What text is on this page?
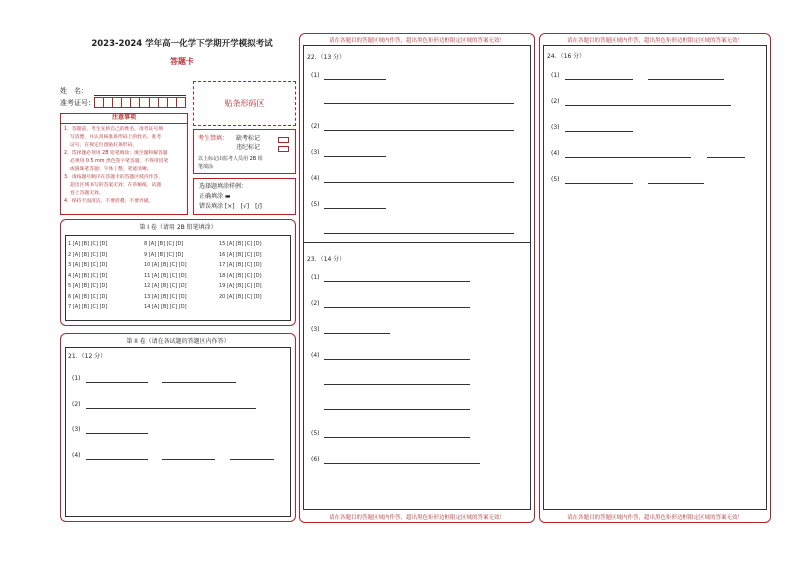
2023-2024 学年高一化学下学期开学模拟考试
答题卡
姓　名：
准考证号：	贴条形码区
注意事项
1．答题前，考生先将自己的姓名，准考证号填
写清楚，并认真核准条形码上的姓名、准考
证号，在规定位置贴好条形码。
2．选择题必须用 2B 铅笔填涂；填空题和解答题
必须用 0.5 mm 黑色签字笔答题，不得用铅笔
或圆珠笔答题；字体工整、笔迹清晰。
3．请按题号顺序在答题卡的答题区域内作答，
超出区域书写的答案无效；在草稿纸、试题
卷上答题无效。
4．保持卡面清洁，不要折叠、不要弄破。
考生禁填： 缺考标记
违纪标记
以上标记由监考人员用 2B 铅笔填涂
选择题填涂样例：
正确填涂 ▬
错误填涂 [×]　[√]　[/]
第 I 卷（请用 2B 铅笔填涂）
1 [A] [B] [C] [D]
2 [A] [B] [C] [D]
3 [A] [B] [C] [D]
4 [A] [B] [C] [D]
5 [A] [B] [C] [D]
6 [A] [B] [C] [D]
7 [A] [B] [C] [D]
8 [A] [B] [C] [D]
9 [A] [B] [C] [D]
10 [A] [B] [C] [D]
11 [A] [B] [C] [D]
12 [A] [B] [C] [D]
13 [A] [B] [C] [D]
14 [A] [B] [C] [D]
15 [A] [B] [C] [D]
16 [A] [B] [C] [D]
17 [A] [B] [C] [D]
18 [A] [B] [C] [D]
19 [A] [B] [C] [D]
20 [A] [B] [C] [D]
第 II 卷（请在各试题的答题区内作答）
21．（12 分）
(1)
(2)
(3)
(4)
请在各题目的答题区域内作答，超出黑色矩形边框限定区域的答案无效！
请在各题目的答题区域内作答，超出黑色矩形边框限定区域的答案无效！
22．（13 分）
(1)
(2)
(3)
(4)
(5)
23．（14 分）
(1)
(2)
(3)
(4)
(5)
(6)
请在各题目的答题区域内作答，超出黑色矩形边框限定区域的答案无效！
请在各题目的答题区域内作答，超出黑色矩形边框限定区域的答案无效！
24．（16 分）
(1)
(2)
(3)
(4)
(5)
